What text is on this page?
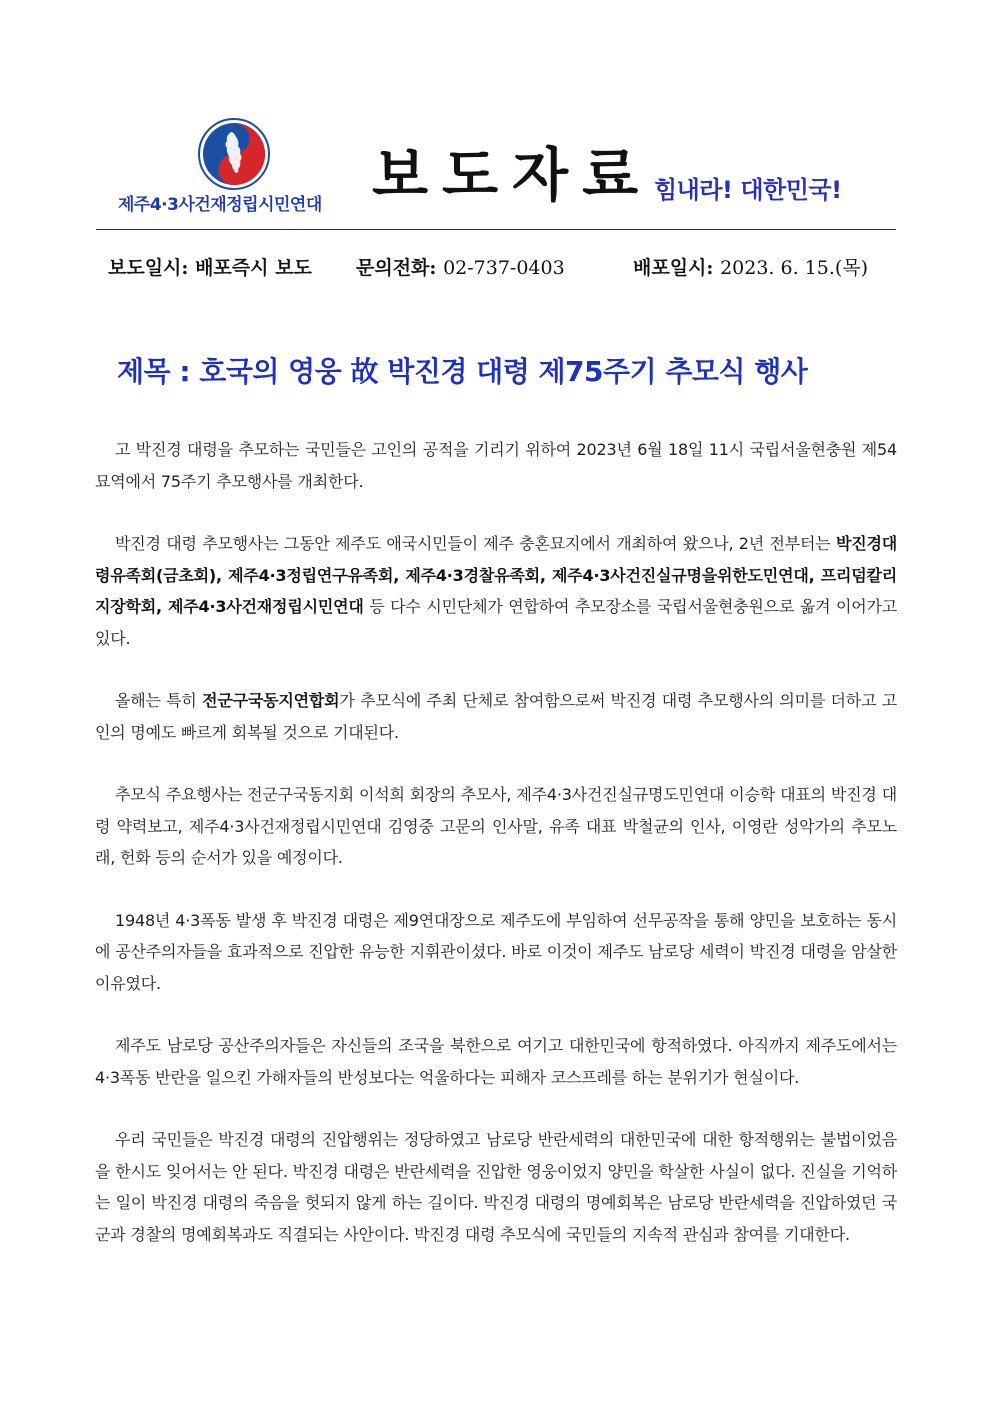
제주4·3사건재정립시민연대 보도자료 힘내라! 대한민국!
보도일시: 배포즉시 보도 문의전화: 02-737-0403	배포일시: 2023. 6. 15.(목)
제목 : 호국의 영웅 故 박진경 대령 제75주기 추모식 행사

고 박진경 대령을 추모하는 국민들은 고인의 공적을 기리기 위하여 2023년 6월 18일 11시 국립서울현충원 제54묘역에서 75주기 추모행사를 개최한다.

박진경 대령 추모행사는 그동안 제주도 애국시민들이 제주 충혼묘지에서 개최하여 왔으나, 2년 전부터는 박진경대령유족회(금초회), 제주4·3정립연구유족회, 제주4·3경찰유족회, 제주4·3사건진실규명을위한도민연대, 프리덤칼리지장학회, 제주4·3사건재정립시민연대 등 다수 시민단체가 연합하여 추모장소를 국립서울현충원으로 옮겨 이어가고 있다.

올해는 특히 전군구국동지연합회가 추모식에 주최 단체로 참여함으로써 박진경 대령 추모행사의 의미를 더하고 고인의 명예도 빠르게 회복될 것으로 기대된다.

추모식 주요행사는 전군구국동지회 이석희 회장의 추모사, 제주4·3사건진실규명도민연대 이승학 대표의 박진경 대령 약력보고, 제주4·3사건재정립시민연대 김영중 고문의 인사말, 유족 대표 박철균의 인사, 이영란 성악가의 추모노래, 헌화 등의 순서가 있을 예정이다.

1948년 4·3폭동 발생 후 박진경 대령은 제9연대장으로 제주도에 부임하여 선무공작을 통해 양민을 보호하는 동시에 공산주의자들을 효과적으로 진압한 유능한 지휘관이셨다. 바로 이것이 제주도 남로당 세력이 박진경 대령을 암살한 이유였다.

제주도 남로당 공산주의자들은 자신들의 조국을 북한으로 여기고 대한민국에 항적하였다. 아직까지 제주도에서는 4·3폭동 반란을 일으킨 가해자들의 반성보다는 억울하다는 피해자 코스프레를 하는 분위기가 현실이다.

우리 국민들은 박진경 대령의 진압행위는 정당하였고 남로당 반란세력의 대한민국에 대한 항적행위는 불법이었음을 한시도 잊어서는 안 된다. 박진경 대령은 반란세력을 진압한 영웅이었지 양민을 학살한 사실이 없다. 진실을 기억하는 일이 박진경 대령의 죽음을 헛되지 않게 하는 길이다. 박진경 대령의 명예회복은 남로당 반란세력을 진압하였던 국군과 경찰의 명예회복과도 직결되는 사안이다. 박진경 대령 추모식에 국민들의 지속적 관심과 참여를 기대한다.
